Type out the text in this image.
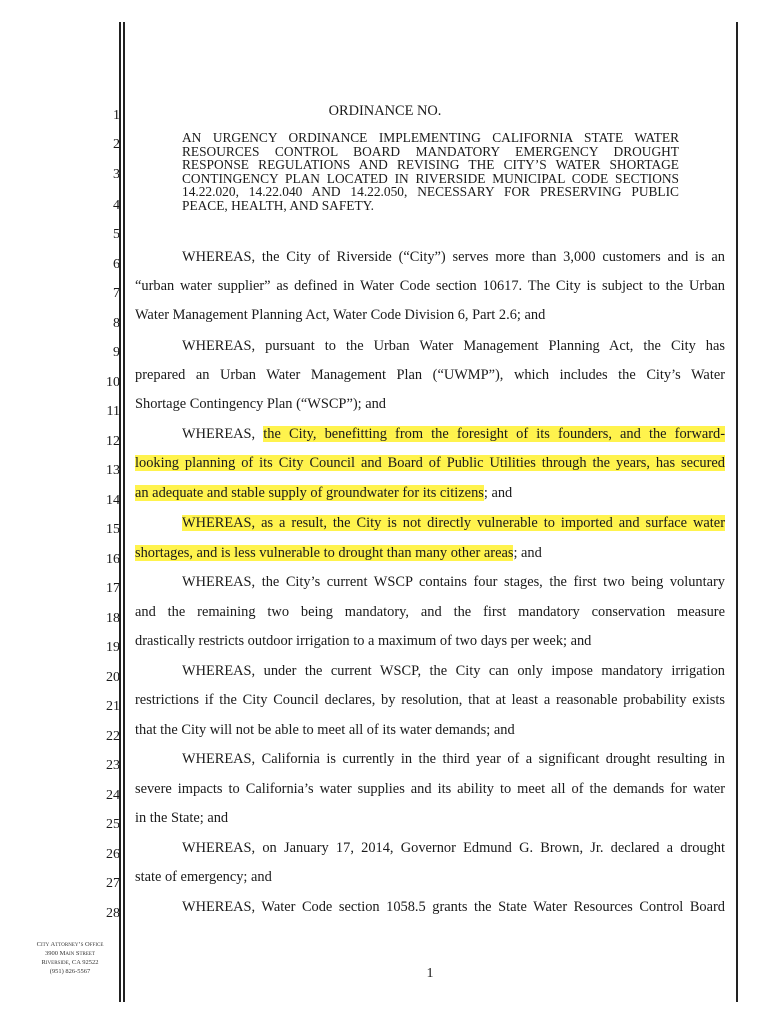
ORDINANCE NO.
AN URGENCY ORDINANCE IMPLEMENTING CALIFORNIA STATE WATER RESOURCES CONTROL BOARD MANDATORY EMERGENCY DROUGHT RESPONSE REGULATIONS AND REVISING THE CITY’S WATER SHORTAGE CONTINGENCY PLAN LOCATED IN RIVERSIDE MUNICIPAL CODE SECTIONS 14.22.020, 14.22.040 AND 14.22.050, NECESSARY FOR PRESERVING PUBLIC PEACE, HEALTH, AND SAFETY.
1
2
3
4
5
6
7
8
9
10
11
12
13
14
15
16
17
18
19
20
21
22
23
24
25
26
27
28
WHEREAS, the City of Riverside (“City”) serves more than 3,000 customers and is an
“urban water supplier” as defined in Water Code section 10617. The City is subject to the Urban
Water Management Planning Act, Water Code Division 6, Part 2.6; and
WHEREAS, pursuant to the Urban Water Management Planning Act, the City has
prepared an Urban Water Management Plan (“UWMP”), which includes the City’s Water
Shortage Contingency Plan (“WSCP”); and
WHEREAS, the City, benefitting from the foresight of its founders, and the forward-
looking planning of its City Council and Board of Public Utilities through the years, has secured
an adequate and stable supply of groundwater for its citizens; and
WHEREAS, as a result, the City is not directly vulnerable to imported and surface water
shortages, and is less vulnerable to drought than many other areas; and
WHEREAS, the City’s current WSCP contains four stages, the first two being voluntary
and the remaining two being mandatory, and the first mandatory conservation measure
drastically restricts outdoor irrigation to a maximum of two days per week; and
WHEREAS, under the current WSCP, the City can only impose mandatory irrigation
restrictions if the City Council declares, by resolution, that at least a reasonable probability exists
that the City will not be able to meet all of its water demands; and
WHEREAS, California is currently in the third year of a significant drought resulting in
severe impacts to California’s water supplies and its ability to meet all of the demands for water
in the State; and
WHEREAS, on January 17, 2014, Governor Edmund G. Brown, Jr. declared a drought
state of emergency; and
WHEREAS, Water Code section 1058.5 grants the State Water Resources Control Board
City Attorney’s Office
3900 Main Street
Riverside, CA 92522
(951) 826-5567	1
